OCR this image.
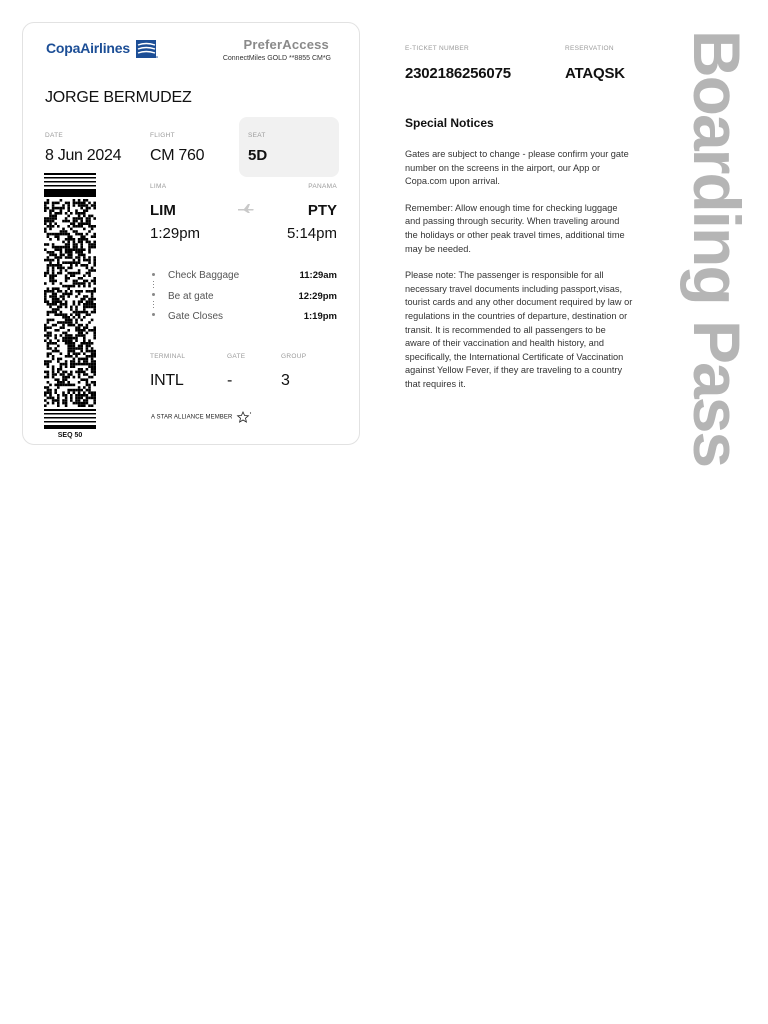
CopaAirlines	PreferAccess
ConnectMiles GOLD **8855 CM*G
JORGE BERMUDEZ
DATE
8 Jun 2024
FLIGHT
CM 760
SEAT
5D
SEQ 50
LIMA	PANAMA
LIM	PTY
1:29pm	5:14pm
Check Baggage	11:29am
Be at gate	12:29pm
Gate Closes	1:19pm
TERMINAL
INTL
GATE
-
GROUP
3
A STAR ALLIANCE MEMBER
E-TICKET NUMBER
2302186256075
RESERVATION
ATAQSK
Special Notices

Gates are subject to change - please confirm your gate number on the screens in the airport, our App or Copa.com upon arrival.

Remember: Allow enough time for checking luggage and passing through security. When traveling around the holidays or other peak travel times, additional time may be needed.

Please note: The passenger is responsible for all necessary travel documents including passport,visas, tourist cards and any other document required by law or regulations in the countries of departure, destination or transit. It is recommended to all passengers to be aware of their vaccination and health history, and specifically, the International Certificate of Vaccination against Yellow Fever, if they are traveling to a country that requires it.	Boarding Pass
